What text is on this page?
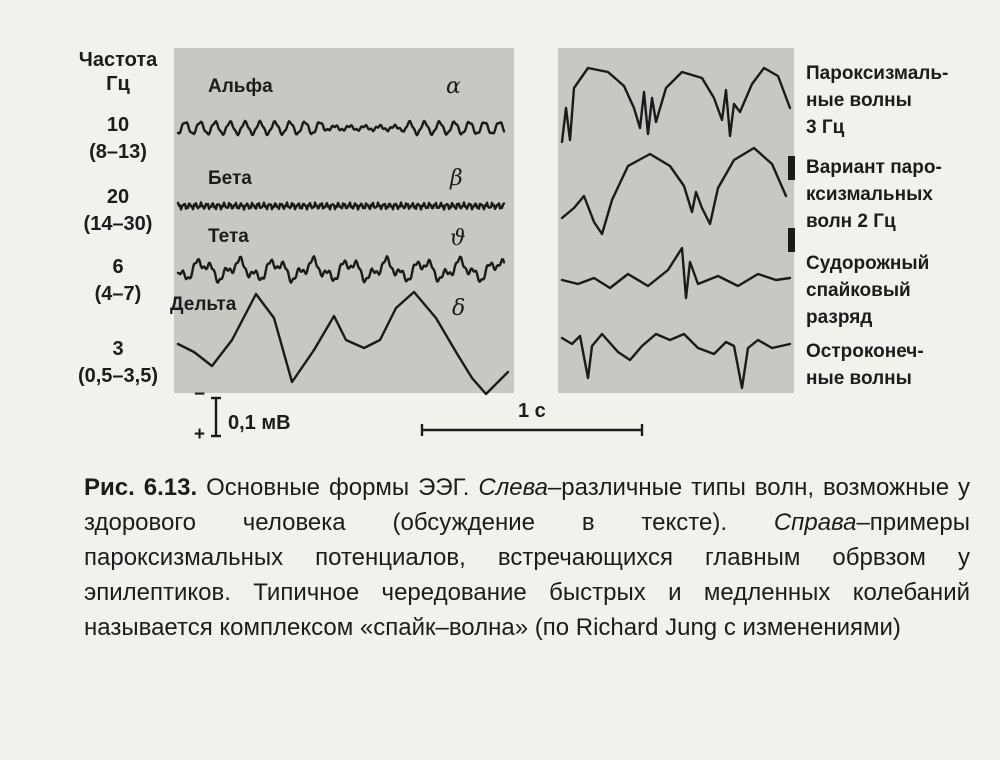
Частота
Гц
10
(8–13)
20
(14–30)
6
(4–7)
3
(0,5–3,5)
Альфа	α
Бета	β
Тета	ϑ
Дельта	δ
Пароксизмаль-
ные волны
3 Гц
Вариант паро-
ксизмальных
волн 2 Гц
Судорожный
спайковый
разряд
Остроконеч-
ные волны
−
+
0,1 мВ
1 с

Рис. 6.13. Основные формы ЭЭГ. Слева–различные типы волн, возможные у здорового человека (обсуждение в тексте). Справа–примеры пароксизмальных потенциалов, встречающихся главным обрвзом у эпилептиков. Типичное чередование быстрых и медленных колебаний называется комплексом «спайк–волна» (по Richard Jung с изменениями)
